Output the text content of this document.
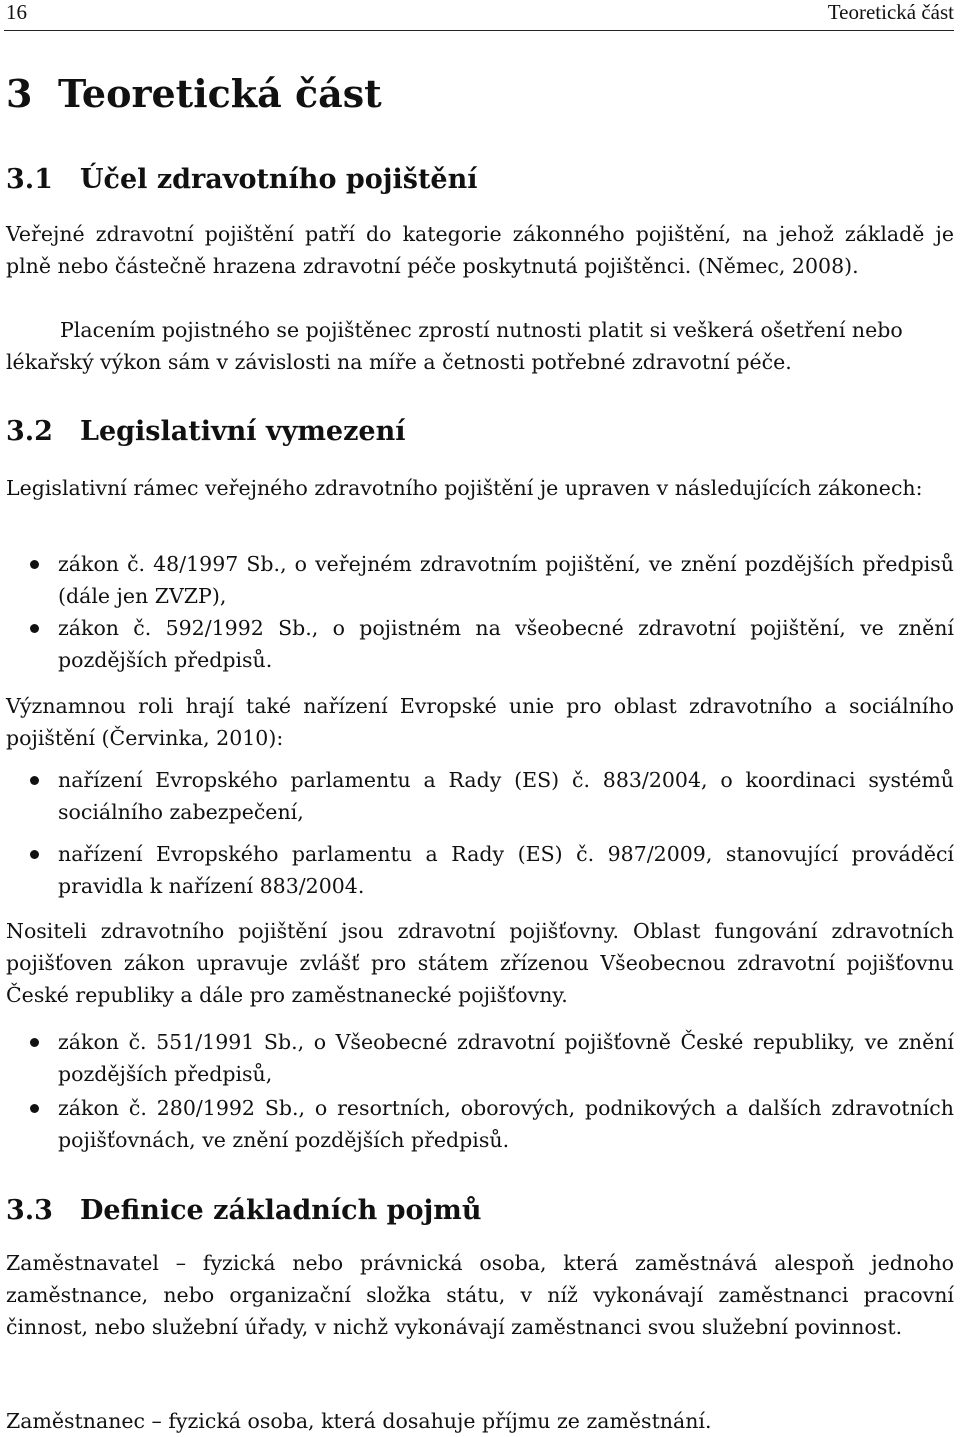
16	Teoretická část
3 Teoretická část
3.1 Účel zdravotního pojištění

Veřejné zdravotní pojištění patří do kategorie zákonného pojištění, na jehož základě je plně nebo částečně hrazena zdravotní péče poskytnutá pojištěnci. (Němec, 2008).

Placením pojistného se pojištěnec zprostí nutnosti platit si veškerá ošetření nebo lékařský výkon sám v závislosti na míře a četnosti potřebné zdravotní péče.

3.2 Legislativní vymezení

Legislativní rámec veřejného zdravotního pojištění je upraven v následujících zákonech:

zákon č. 48/1997 Sb., o veřejném zdravotním pojištění, ve znění pozdějších předpisů (dále jen ZVZP),
zákon č. 592/1992 Sb., o pojistném na všeobecné zdravotní pojištění, ve znění pozdějších předpisů.

Významnou roli hrají také nařízení Evropské unie pro oblast zdravotního a sociálního pojištění (Červinka, 2010):

nařízení Evropského parlamentu a Rady (ES) č. 883/2004, o koordinaci systémů sociálního zabezpečení,
nařízení Evropského parlamentu a Rady (ES) č. 987/2009, stanovující prováděcí pravidla k nařízení 883/2004.

Nositeli zdravotního pojištění jsou zdravotní pojišťovny. Oblast fungování zdravotních pojišťoven zákon upravuje zvlášť pro státem zřízenou Všeobecnou zdravotní pojišťovnu České republiky a dále pro zaměstnanecké pojišťovny.

zákon č. 551/1991 Sb., o Všeobecné zdravotní pojišťovně České republiky, ve znění pozdějších předpisů,
zákon č. 280/1992 Sb., o resortních, oborových, podnikových a dalších zdravotních pojišťovnách, ve znění pozdějších předpisů.
3.3 Definice základních pojmů

Zaměstnavatel – fyzická nebo právnická osoba, která zaměstnává alespoň jednoho zaměstnance, nebo organizační složka státu, v níž vykonávají zaměstnanci pracovní činnost, nebo služební úřady, v nichž vykonávají zaměstnanci svou služební povinnost.

Zaměstnanec – fyzická osoba, která dosahuje příjmu ze zaměstnání.
